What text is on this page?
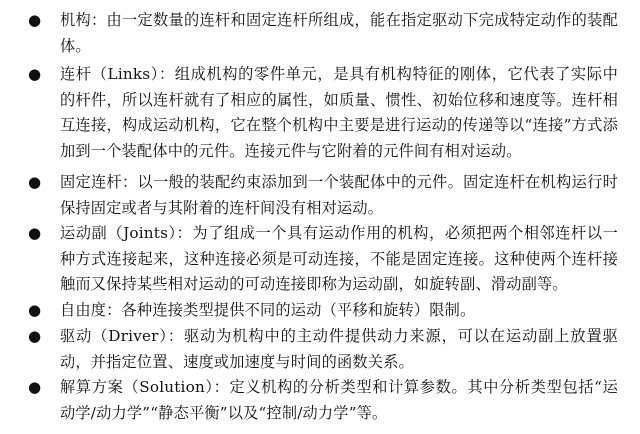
● 机构：由一定数量的连杆和固定连杆所组成，能在指定驱动下完成特定动作的装配体。
● 连杆（Links）：组成机构的零件单元，是具有机构特征的刚体，它代表了实际中的杆件，所以连杆就有了相应的属性，如质量、惯性、初始位移和速度等。连杆相互连接，构成运动机构，它在整个机构中主要是进行运动的传递等以“连接”方式添加到一个装配体中的元件。连接元件与它附着的元件间有相对运动。
● 固定连杆：以一般的装配约束添加到一个装配体中的元件。固定连杆在机构运行时保持固定或者与其附着的连杆间没有相对运动。
● 运动副（Joints）：为了组成一个具有运动作用的机构，必须把两个相邻连杆以一种方式连接起来，这种连接必须是可动连接，不能是固定连接。这种使两个连杆接触而又保持某些相对运动的可动连接即称为运动副，如旋转副、滑动副等。
● 自由度：各种连接类型提供不同的运动（平移和旋转）限制。
● 驱动（Driver）：驱动为机构中的主动件提供动力来源，可以在运动副上放置驱动，并指定位置、速度或加速度与时间的函数关系。
● 解算方案（Solution）：定义机构的分析类型和计算参数。其中分析类型包括“运动学/动力学”“静态平衡”以及“控制/动力学”等。
